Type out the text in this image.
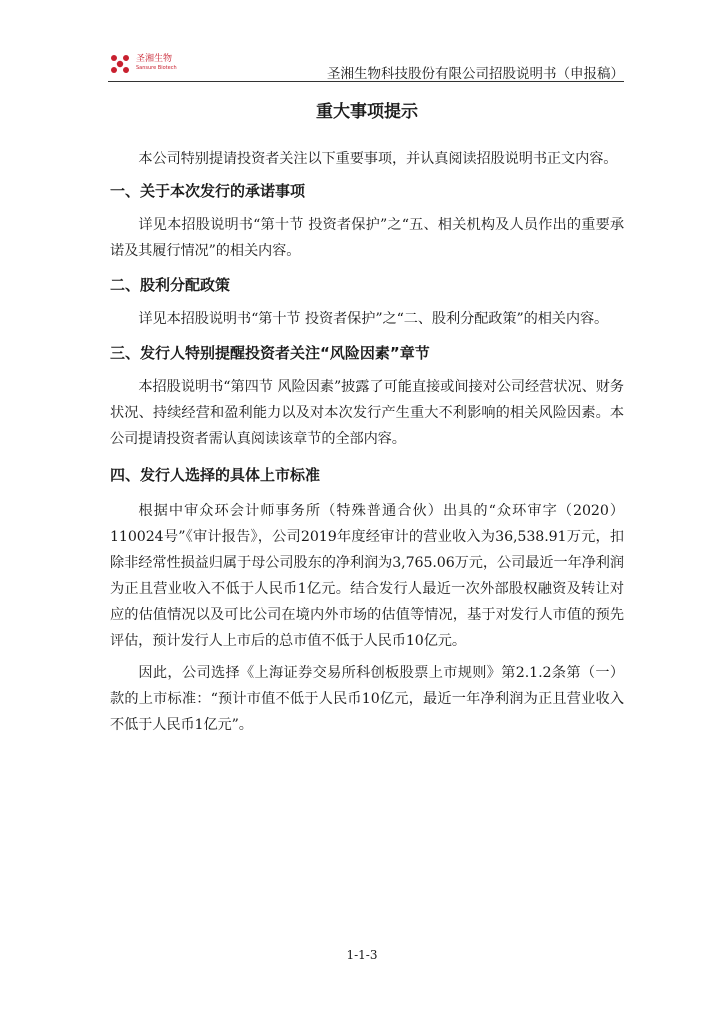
圣湘生物
Sansure Biotech	圣湘生物科技股份有限公司招股说明书（申报稿）
重大事项提示

本公司特别提请投资者关注以下重要事项，并认真阅读招股说明书正文内容。

一、关于本次发行的承诺事项

详见本招股说明书“第十节 投资者保护”之“五、相关机构及人员作出的重要承诺及其履行情况”的相关内容。

二、股利分配政策

详见本招股说明书“第十节 投资者保护”之“二、股利分配政策”的相关内容。

三、发行人特别提醒投资者关注“风险因素”章节

本招股说明书“第四节 风险因素”披露了可能直接或间接对公司经营状况、财务状况、持续经营和盈利能力以及对本次发行产生重大不利影响的相关风险因素。本公司提请投资者需认真阅读该章节的全部内容。

四、发行人选择的具体上市标准

根据中审众环会计师事务所（特殊普通合伙）出具的“众环审字（2020）110024号”《审计报告》，公司2019年度经审计的营业收入为36,538.91万元，扣除非经常性损益归属于母公司股东的净利润为3,765.06万元，公司最近一年净利润为正且营业收入不低于人民币1亿元。结合发行人最近一次外部股权融资及转让对应的估值情况以及可比公司在境内外市场的估值等情况，基于对发行人市值的预先评估，预计发行人上市后的总市值不低于人民币10亿元。

因此，公司选择《上海证券交易所科创板股票上市规则》第2.1.2条第（一）款的上市标准：“预计市值不低于人民币10亿元，最近一年净利润为正且营业收入不低于人民币1亿元”。

1-1-3
